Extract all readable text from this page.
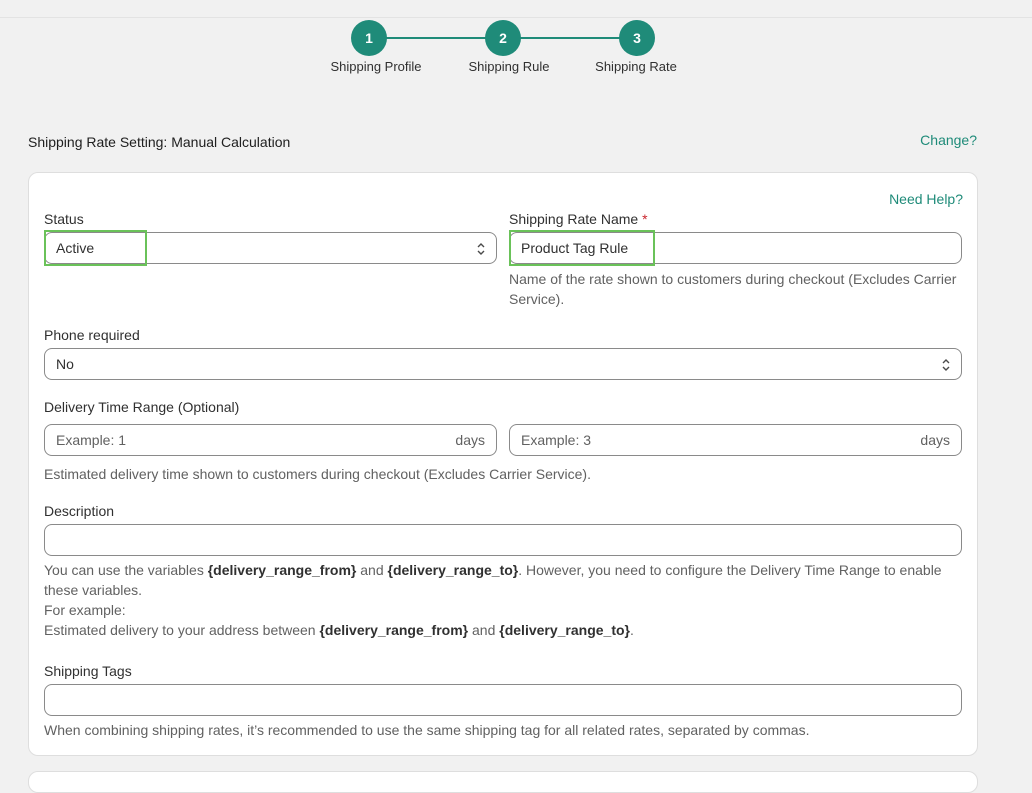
1
Shipping Profile
2
Shipping Rule
3
Shipping Rate
Shipping Rate Setting: Manual Calculation	Change?
Need Help?
Status
Active
Shipping Rate Name *
Product Tag Rule
Name of the rate shown to customers during checkout (Excludes Carrier Service).
Phone required
No
Delivery Time Range (Optional)
Example: 1	days	Example: 3	days
Estimated delivery time shown to customers during checkout (Excludes Carrier Service).
Description
You can use the variables {delivery_range_from} and {delivery_range_to}. However, you need to configure the Delivery Time Range to enable these variables.
For example:
Estimated delivery to your address between {delivery_range_from} and {delivery_range_to}.
Shipping Tags
When combining shipping rates, it’s recommended to use the same shipping tag for all related rates, separated by commas.
